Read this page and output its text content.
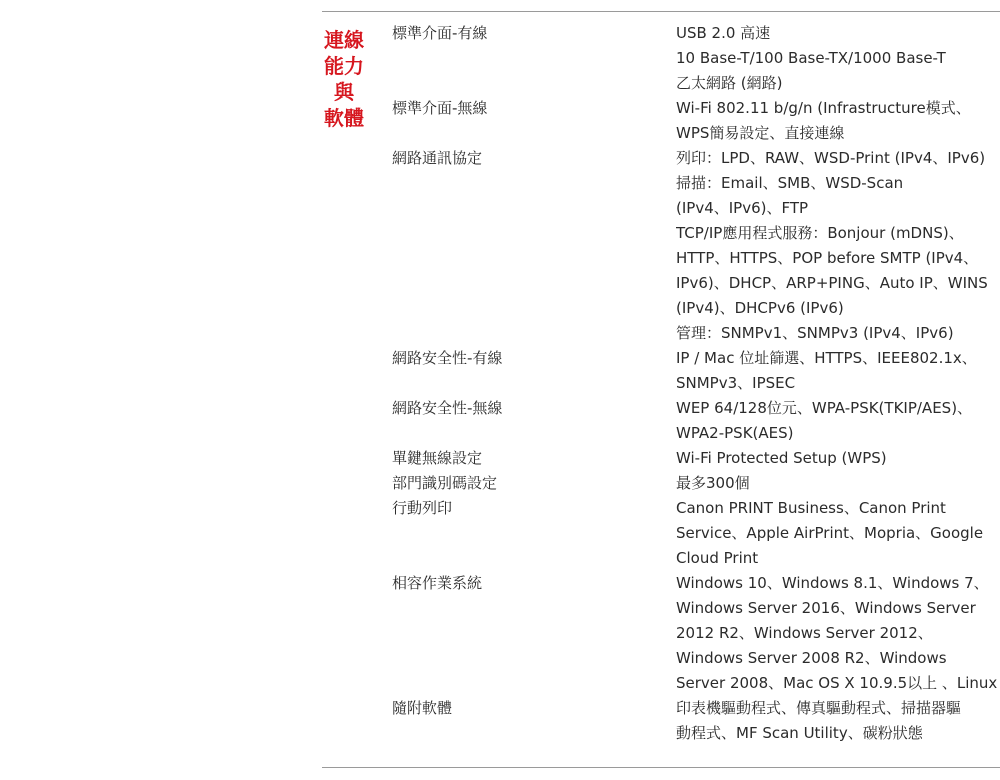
連線
能力
與
軟體
標準介面-有線	USB 2.0 高速
10 Base-T/100 Base-TX/1000 Base-T
乙太網路 (網路)
標準介面-無線	Wi-Fi 802.11 b/g/n (Infrastructure模式、
WPS簡易設定、直接連線
網路通訊協定	列印：LPD、RAW、WSD-Print (IPv4、IPv6)
掃描：Email、SMB、WSD-Scan
(IPv4、IPv6)、FTP
TCP/IP應用程式服務：Bonjour (mDNS)、
HTTP、HTTPS、POP before SMTP (IPv4、
IPv6)、DHCP、ARP+PING、Auto IP、WINS
(IPv4)、DHCPv6 (IPv6)
管理：SNMPv1、SNMPv3 (IPv4、IPv6)
網路安全性-有線	IP / Mac 位址篩選、HTTPS、IEEE802.1x、
SNMPv3、IPSEC
網路安全性-無線	WEP 64/128位元、WPA-PSK(TKIP/AES)、
WPA2-PSK(AES)
單鍵無線設定	Wi-Fi Protected Setup (WPS)
部門識別碼設定	最多300個
行動列印	Canon PRINT Business、Canon Print
Service、Apple AirPrint、Mopria、Google
Cloud Print
相容作業系統	Windows 10、Windows 8.1、Windows 7、
Windows Server 2016、Windows Server
2012 R2、Windows Server 2012、
Windows Server 2008 R2、Windows
Server 2008、Mac OS X 10.9.5以上 、Linux
隨附軟體	印表機驅動程式、傳真驅動程式、掃描器驅
動程式、MF Scan Utility、碳粉狀態
